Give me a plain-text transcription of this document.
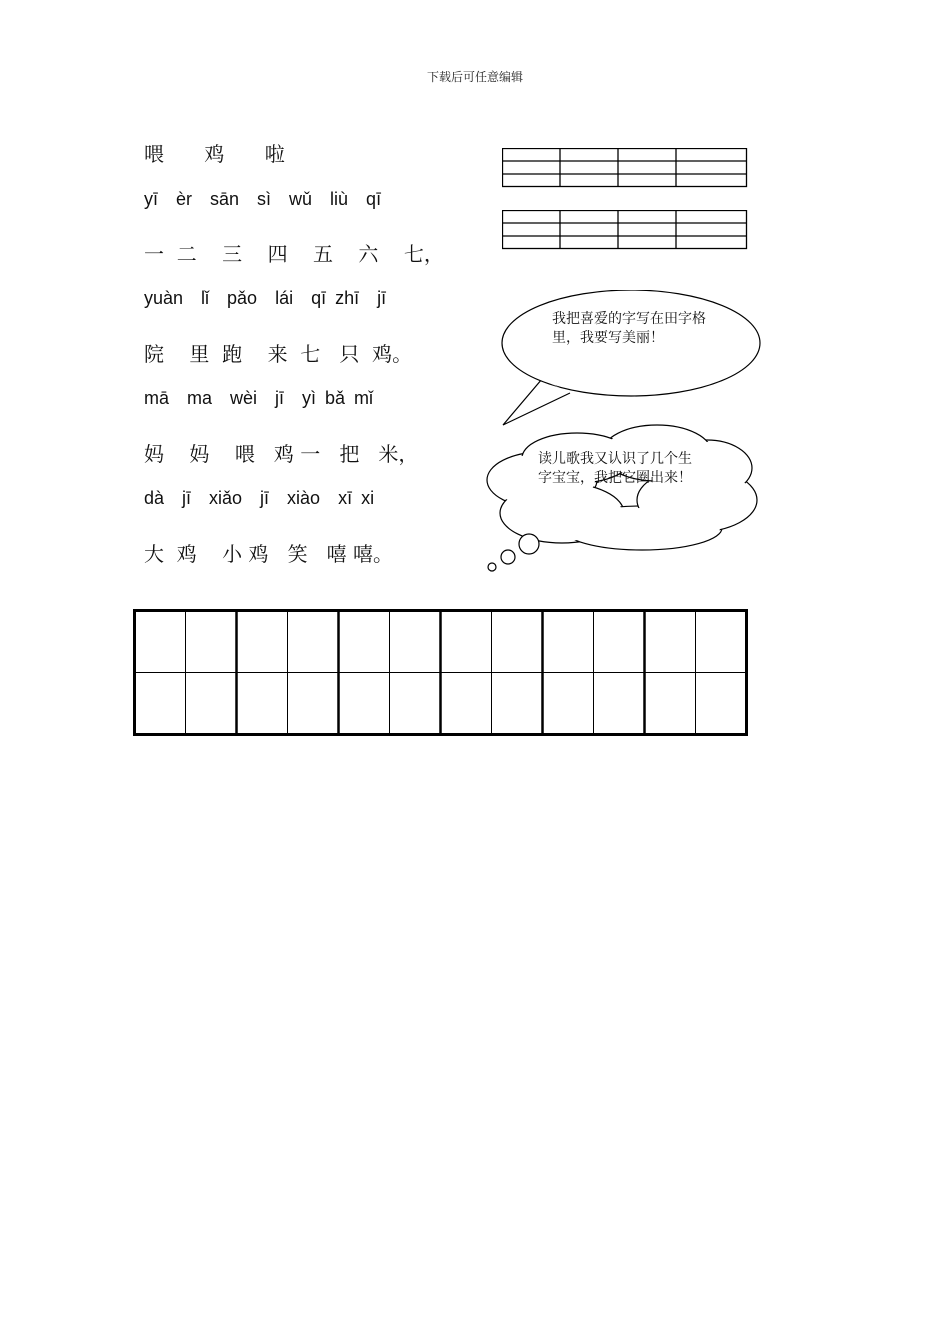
下载后可任意编辑
喂 鸡 啦
yī  èr  sān  sì  wǔ  liù  qī
一  二    三    四    五    六    七，
yuàn  lǐ  pǎo  lái  qī zhī  jī
院    里  跑    来  七   只  鸡。
mā  ma  wèi  jī  yì bǎ mǐ
妈    妈    喂   鸡 一   把   米，
dà  jī  xiǎo  jī  xiào  xī xi
大  鸡    小 鸡   笑   嘻 嘻。
我把喜爱的字写在田字格里，我要写美丽！
读儿歌我又认识了几个生字宝宝，我把它圈出来！
